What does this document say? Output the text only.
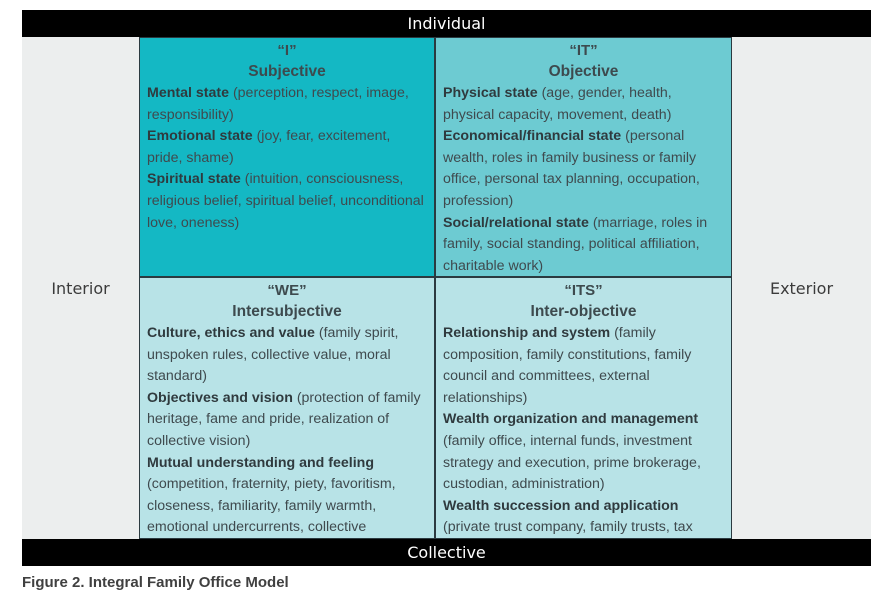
Individual
Interior
“I”
Subjective

Mental state (perception, respect, image, responsibility)

Emotional state (joy, fear, excitement, pride, shame)

Spiritual state (intuition, consciousness, religious belief, spiritual belief, unconditional love, oneness)

“IT”
Objective

Physical state (age, gender, health, physical capacity, movement, death)

Economical/financial state (personal wealth, roles in family business or family office, personal tax planning, occupation, profession)

Social/relational state (marriage, roles in family, social standing, political affiliation, charitable work)

“WE”
Intersubjective

Culture, ethics and value (family spirit, unspoken rules, collective value, moral standard)

Objectives and vision (protection of family heritage, fame and pride, realization of collective vision)

Mutual understanding and feeling (competition, fraternity, piety, favoritism, closeness, familiarity, family warmth, emotional undercurrents, collective

“ITS”
Inter-objective

Relationship and system (family composition, family constitutions, family council and committees, external relationships)

Wealth organization and management (family office, internal funds, investment strategy and execution, prime brokerage, custodian, administration)

Wealth succession and application (private trust company, family trusts, tax

Exterior
Collective
Figure 2. Integral Family Office Model
